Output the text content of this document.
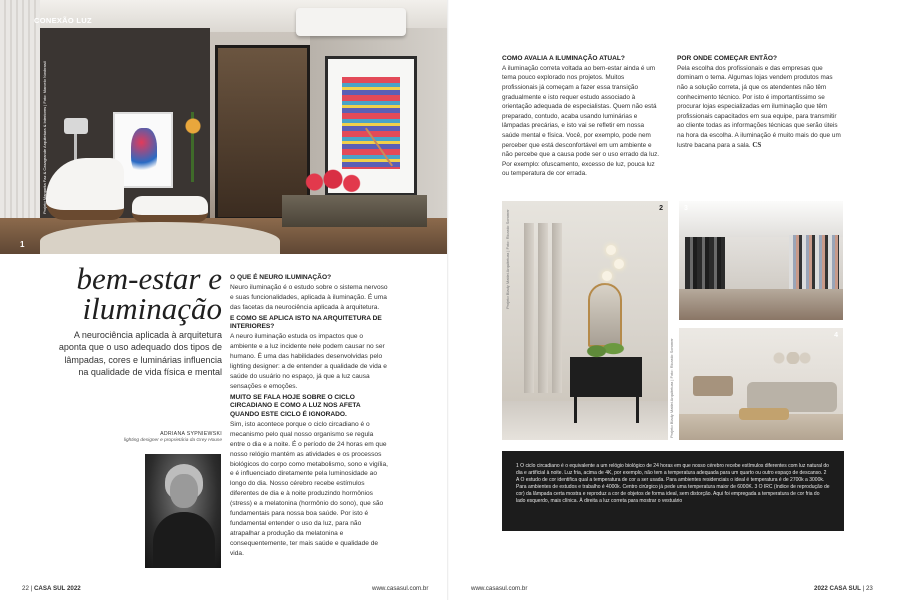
CONEXÃO LUZ
1
Projeto Margarita Faz & Casagrande Arquitetura & Interiores | Foto: Marcelo Novbrasil
bem-estar e
iluminação
A neurociência aplicada à arquitetura aponta que o uso adequado dos tipos de lâmpadas, cores e luminárias influencia na qualidade de vida física e mental
ADRIANA SYPNIEWSKI
lighting designer e proprietária da Grey House
O QUE É NEURO ILUMINAÇÃO?

Neuro iluminação é o estudo sobre o sistema nervoso e suas funcionalidades, aplicada à iluminação. É uma das facetas da neurociência aplicada à arquitetura.

E COMO SE APLICA ISTO NA ARQUITETURA DE INTERIORES?

A neuro iluminação estuda os impactos que o ambiente e a luz incidente nele podem causar no ser humano. É uma das habilidades desenvolvidas pelo lighting designer: a de entender a qualidade de vida e saúde do usuário no espaço, já que a luz causa sensações e emoções.

MUITO SE FALA HOJE SOBRE O CICLO CIRCADIANO E COMO A LUZ NOS AFETA QUANDO ESTE CICLO É IGNORADO.

Sim, isto acontece porque o ciclo circadiano é o mecanismo pelo qual nosso organismo se regula entre o dia e a noite. É o período de 24 horas em que nosso relógio mantém as atividades e os processos biológicos do corpo como metabolismo, sono e vigília, e é influenciado diretamente pela luminosidade ao longo do dia. Nosso cérebro recebe estímulos diferentes de dia e à noite produzindo hormônios (stress) e a melatonina (hormônio do sono), que são fundamentais para nossa boa saúde. Por isto é fundamental entender o uso da luz, para não atrapalhar a produção da melatonina e consequentemente, ter mais saúde e qualidade de vida.

22 | CASA SUL 2022	www.casasul.com.br
COMO AVALIA A ILUMINAÇÃO ATUAL?

A iluminação correta voltada ao bem-estar ainda é um tema pouco explorado nos projetos. Muitos profissionais já começam a fazer essa transição gradualmente e isto requer estudo associado à orientação adequada de especialistas. Quem não está preparado, contudo, acaba usando luminárias e lâmpadas precárias, e isto vai se refletir em nossa saúde mental e física. Você, por exemplo, pode nem perceber que está desconfortável em um ambiente e não percebe que a causa pode ser o uso errado da luz. Por exemplo: ofuscamento, excesso de luz, pouca luz ou temperatura de cor errada.

POR ONDE COMEÇAR ENTÃO?

Pela escolha dos profissionais e das empresas que dominam o tema. Algumas lojas vendem produtos mas não a solução correta, já que os atendentes não têm conhecimento técnico. Por isto é importantíssimo se procurar lojas especializadas em iluminação que têm profissionais capacitados em sua equipe, para transmitir ao cliente todas as informações técnicas que serão úteis na hora da escolha. A iluminação é muito mais do que um lustre bacana para a sala. CS

2
Projeto Blady Mattei Arquitetura | Foto: Ricardo Sommer
3
4
Projeto Blady Mattei Arquitetura | Foto: Ricardo Sommer

1 O ciclo circadiano é o equivalente a um relógio biológico de 24 horas em que nosso cérebro recebe estímulos diferentes com luz natural do dia e artificial à noite. Luz fria, acima de 4K, por exemplo, não tem a temperatura adequada para um quarto ou outro espaço de descanso. 2 A O estudo de cor identifica qual a temperatura de cor a ser usada. Para ambientes residenciais o ideal é temperatura é de 2700k a 3000k. Para ambientes de estudos e trabalho é 4000k. Centro cirúrgico já pede uma temperatura maior de 6000K. 3 O IRC (índice de reprodução de cor) da lâmpada certa mostra e reproduz a cor de objetos de forma ideal, sem distorção. Aqui foi empregada a temperatura de cor fria do lado esquerdo, mais clínica. À direita a luz correta para mostrar o vestuário

www.casasul.com.br	2022 CASA SUL | 23
